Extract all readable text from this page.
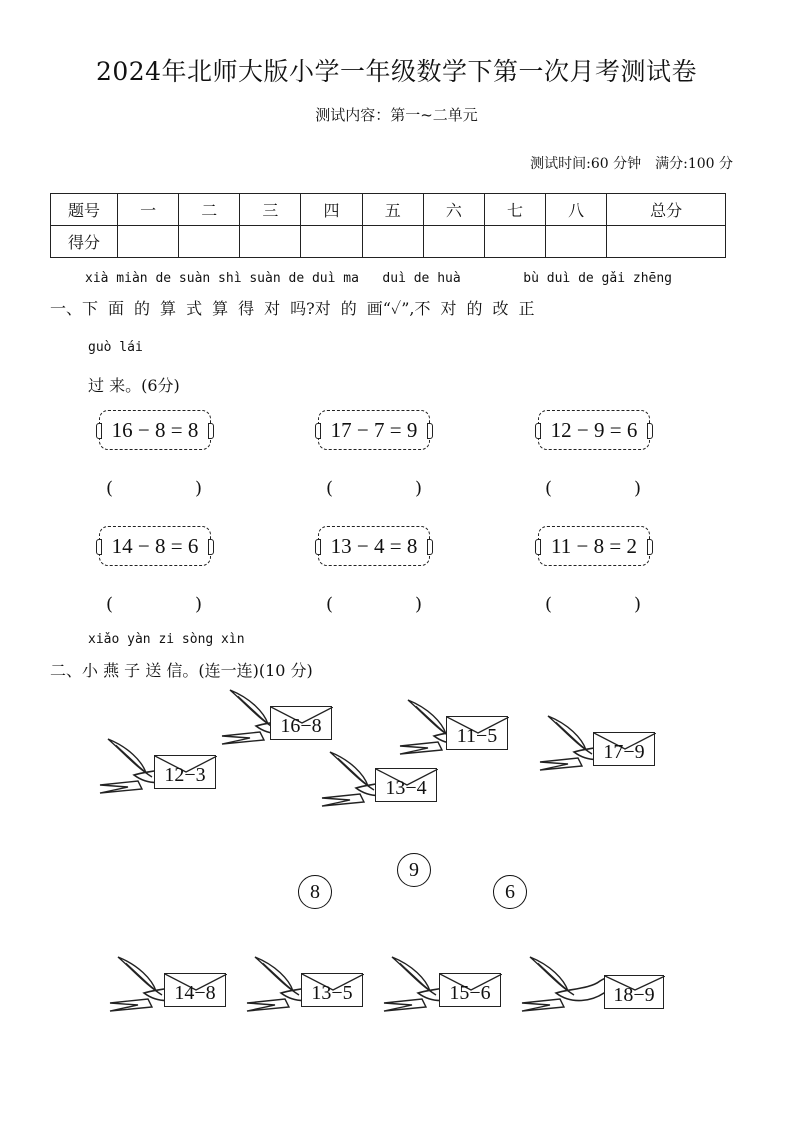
2024年北师大版小学一年级数学下第一次月考测试卷
测试内容：第一~二单元
测试时间:60 分钟 满分:100 分
题号	一	二	三	四	五	六	七	八	总分
得分									
xià miàn de suàn shì suàn de duì ma   duì de huà        bù duì de gǎi zhēng
一、下 面 的 算 式 算 得 对 吗?对 的 画“✓”,不 对 的 改 正
guò lái
过 来。(6分)
16 − 8 = 8	17 − 7 = 9	12 − 9 = 6
(	)	(	)	(	)
14 − 8 = 6	13 − 4 = 8	11 − 8 = 2
(	)	(	)	(	)
xiǎo yàn zi sòng xìn
二、小 燕 子 送 信。(连一连)(10 分)
16−8	11−5
17−9
12−3
13−4
8
9
6
14−8	13−5	15−6	18−9
